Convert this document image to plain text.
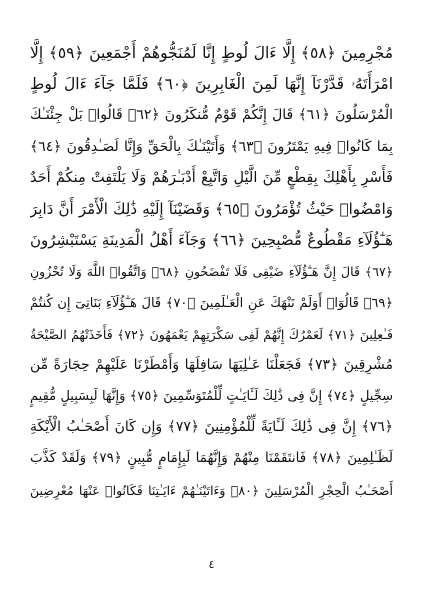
مُجْرِمِينَ ﴿٥٨﴾ إِلَّا ءَالَ لُوطٍ إِنَّا لَمُنَجُّوهُمْ أَجْمَعِينَ ﴿٥٩﴾ إِلَّا
امْرَأَتَهُۥ قَدَّرْنَآ إِنَّهَا لَمِنَ الْغَابِرِينَ ﴿٦٠﴾ فَلَمَّا جَآءَ ءَالَ لُوطٍ
الْمُرْسَلُونَ ﴿٦١﴾ قَالَ إِنَّكُمْ قَوْمٌ مُّنكَرُونَ ﴿٦٢﴾ قَالُوا۟ بَلْ جِئْنَـٰكَ
بِمَا كَانُوا۟ فِيهِ يَمْتَرُونَ ﴿٦٣﴾ وَأَتَيْنَـٰكَ بِالْحَقِّ وَإِنَّا لَصَـٰدِقُونَ ﴿٦٤﴾
فَأَسْرِ بِأَهْلِكَ بِقِطْعٍ مِّنَ الَّيْلِ وَاتَّبِعْ أَدْبَـٰرَهُمْ وَلَا يَلْتَفِتْ مِنكُمْ أَحَدٌ
وَامْضُوا۟ حَيْثُ تُؤْمَرُونَ ﴿٦٥﴾ وَقَضَيْنَآ إِلَيْهِ ذَٰلِكَ الْأَمْرَ أَنَّ دَابِرَ
هَـٰٓؤُلَآءِ مَقْطُوعٌ مُّصْبِحِينَ ﴿٦٦﴾ وَجَآءَ أَهْلُ الْمَدِينَةِ يَسْتَبْشِرُونَ
﴿٦٧﴾ قَالَ إِنَّ هَـٰٓؤُلَآءِ ضَيْفِى فَلَا تَفْضَحُونِ ﴿٦٨﴾ وَاتَّقُوا۟ اللَّهَ وَلَا تُخْزُونِ
﴿٦٩﴾ قَالُوٓا۟ أَوَلَمْ نَنْهَكَ عَنِ الْعَـٰلَمِينَ ﴿٧٠﴾ قَالَ هَـٰٓؤُلَآءِ بَنَاتِىٓ إِن كُنتُمْ
فَـٰعِلِينَ ﴿٧١﴾ لَعَمْرُكَ إِنَّهُمْ لَفِى سَكْرَتِهِمْ يَعْمَهُونَ ﴿٧٢﴾ فَأَخَذَتْهُمُ الصَّيْحَةُ
مُشْرِقِينَ ﴿٧٣﴾ فَجَعَلْنَا عَـٰلِيَهَا سَافِلَهَا وَأَمْطَرْنَا عَلَيْهِمْ حِجَارَةً مِّن
سِجِّيلٍ ﴿٧٤﴾ إِنَّ فِى ذَٰلِكَ لَـَٔايَـٰتٍ لِّلْمُتَوَسِّمِينَ ﴿٧٥﴾ وَإِنَّهَا لَبِسَبِيلٍ مُّقِيمٍ
﴿٧٦﴾ إِنَّ فِى ذَٰلِكَ لَـَٔايَةً لِّلْمُؤْمِنِينَ ﴿٧٧﴾ وَإِن كَانَ أَصْحَـٰبُ الْأَيْكَةِ
لَظَـٰلِمِينَ ﴿٧٨﴾ فَانتَقَمْنَا مِنْهُمْ وَإِنَّهُمَا لَبِإِمَامٍ مُّبِينٍ ﴿٧٩﴾ وَلَقَدْ كَذَّبَ
أَصْحَـٰبُ الْحِجْرِ الْمُرْسَلِينَ ﴿٨٠﴾ وَءَاتَيْنَـٰهُمْ ءَايَـٰتِنَا فَكَانُوا۟ عَنْهَا مُعْرِضِينَ
٤
